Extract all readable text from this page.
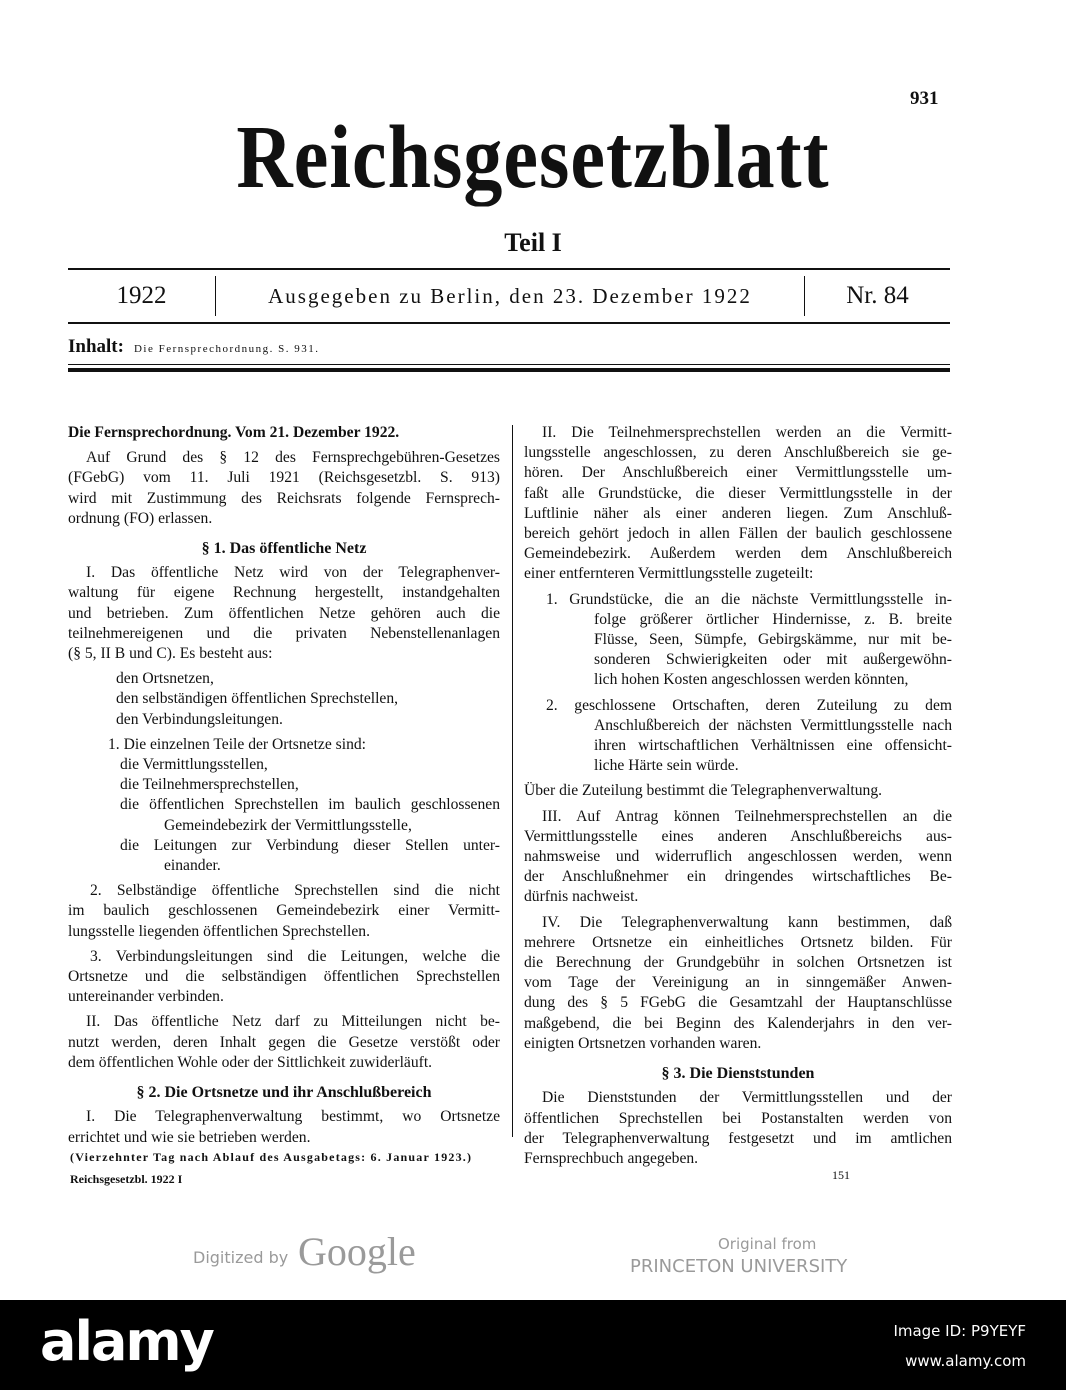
931
Reichsgesetzblatt
Teil I
1922	Ausgegeben zu Berlin, den 23. Dezember 1922	Nr. 84
Inhalt: Die Fernsprechordnung. S. 931.
Die Fernsprechordnung. Vom 21. Dezember 1922.
Auf Grund des § 12 des Fernsprechgebühren-Gesetzes
(FGebG) vom 11. Juli 1921 (Reichsgesetzbl. S. 913)
wird mit Zustimmung des Reichsrats folgende Fernsprech-
ordnung (FO) erlassen.
§ 1. Das öffentliche Netz
I. Das öffentliche Netz wird von der Telegraphenver-
waltung für eigene Rechnung hergestellt, instandgehalten
und betrieben. Zum öffentlichen Netze gehören auch die
teilnehmereigenen und die privaten Nebenstellenanlagen
(§ 5, II B und C). Es besteht aus:
den Ortsnetzen,
den selbständigen öffentlichen Sprechstellen,
den Verbindungsleitungen.
1. Die einzelnen Teile der Ortsnetze sind:
die Vermittlungsstellen,
die Teilnehmersprechstellen,
die öffentlichen Sprechstellen im baulich geschlossenen
Gemeindebezirk der Vermittlungsstelle,
die Leitungen zur Verbindung dieser Stellen unter-
einander.
2. Selbständige öffentliche Sprechstellen sind die nicht
im baulich geschlossenen Gemeindebezirk einer Vermitt-
lungsstelle liegenden öffentlichen Sprechstellen.
3. Verbindungsleitungen sind die Leitungen, welche die
Ortsnetze und die selbständigen öffentlichen Sprechstellen
untereinander verbinden.
II. Das öffentliche Netz darf zu Mitteilungen nicht be-
nutzt werden, deren Inhalt gegen die Gesetze verstößt oder
dem öffentlichen Wohle oder der Sittlichkeit zuwiderläuft.
§ 2. Die Ortsnetze und ihr Anschlußbereich
I. Die Telegraphenverwaltung bestimmt, wo Ortsnetze
errichtet und wie sie betrieben werden.
II. Die Teilnehmersprechstellen werden an die Vermitt-
lungsstelle angeschlossen, zu deren Anschlußbereich sie ge-
hören. Der Anschlußbereich einer Vermittlungsstelle um-
faßt alle Grundstücke, die dieser Vermittlungsstelle in der
Luftlinie näher als einer anderen liegen. Zum Anschluß-
bereich gehört jedoch in allen Fällen der baulich geschlossene
Gemeindebezirk. Außerdem werden dem Anschlußbereich
einer entfernteren Vermittlungsstelle zugeteilt:
1. Grundstücke, die an die nächste Vermittlungsstelle in-
folge größerer örtlicher Hindernisse, z. B. breite
Flüsse, Seen, Sümpfe, Gebirgskämme, nur mit be-
sonderen Schwierigkeiten oder mit außergewöhn-
lich hohen Kosten angeschlossen werden könnten,
2. geschlossene Ortschaften, deren Zuteilung zu dem
Anschlußbereich der nächsten Vermittlungsstelle nach
ihren wirtschaftlichen Verhältnissen eine offensicht-
liche Härte sein würde.
Über die Zuteilung bestimmt die Telegraphenverwaltung.
III. Auf Antrag können Teilnehmersprechstellen an die
Vermittlungsstelle eines anderen Anschlußbereichs aus-
nahmsweise und widerruflich angeschlossen werden, wenn
der Anschlußnehmer ein dringendes wirtschaftliches Be-
dürfnis nachweist.
IV. Die Telegraphenverwaltung kann bestimmen, daß
mehrere Ortsnetze ein einheitliches Ortsnetz bilden. Für
die Berechnung der Grundgebühr in solchen Ortsnetzen ist
vom Tage der Vereinigung an in sinngemäßer Anwen-
dung des § 5 FGebG die Gesamtzahl der Hauptanschlüsse
maßgebend, die bei Beginn des Kalenderjahrs in den ver-
einigten Ortsnetzen vorhanden waren.
§ 3. Die Dienststunden
Die Dienststunden der Vermittlungsstellen und der
öffentlichen Sprechstellen bei Postanstalten werden von
der Telegraphenverwaltung festgesetzt und im amtlichen
Fernsprechbuch angegeben.
(Vierzehnter Tag nach Ablauf des Ausgabetags: 6. Januar 1923.)
Reichsgesetzbl. 1922 I	151
Digitized by Google	Original from
PRINCETON UNIVERSITY
alamy	Image ID: P9YEYF
www.alamy.com
